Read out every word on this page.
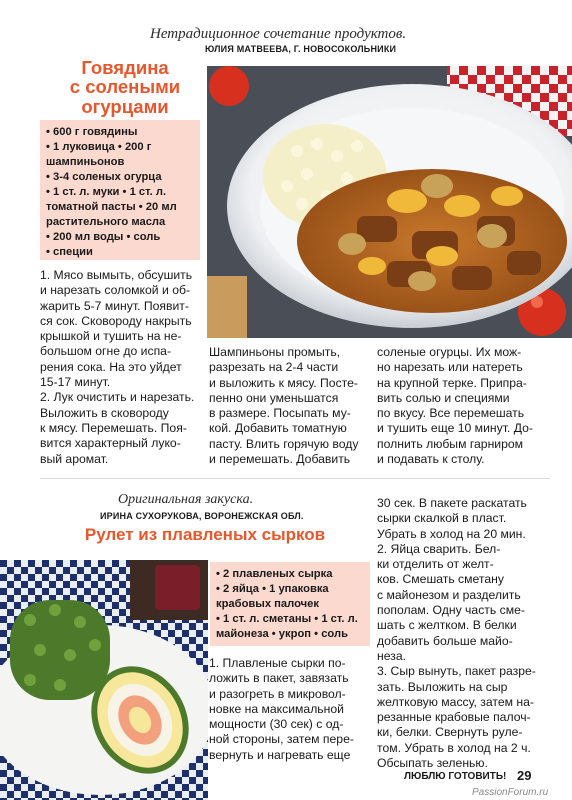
Нетрадиционное сочетание продуктов.
ЮЛИЯ МАТВЕЕВА, Г. НОВОСОКОЛЬНИКИ
Говядина
с солеными
огурцами
• 600 г говядины
• 1 луковица • 200 г
шампиньонов
• 3-4 соленых огурца
• 1 ст. л. муки • 1 ст. л.
томатной пасты • 20 мл
растительного масла
• 200 мл воды • соль
• специи
1. Мясо вымыть, обсушить
и нарезать соломкой и об-
жарить 5-7 минут. Появит-
ся сок. Сковороду накрыть
крышкой и тушить на не-
большом огне до испа-
рения сока. На это уйдет
15-17 минут.
2. Лук очистить и нарезать.
Выложить в сковороду
к мясу. Перемешать. Поя-
вится характерный луко-
вый аромат.
Шампиньоны промыть,
разрезать на 2-4 части
и выложить к мясу. Посте-
пенно они уменьшатся
в размере. Посыпать му-
кой. Добавить томатную
пасту. Влить горячую воду
и перемешать. Добавить
соленые огурцы. Их мож-
но нарезать или натереть
на крупной терке. Припра-
вить солью и специями
по вкусу. Все перемешать
и тушить еще 10 минут. До-
полнить любым гарниром
и подавать к столу.
Оригинальная закуска.
ИРИНА СУХОРУКОВА, ВОРОНЕЖСКАЯ ОБЛ.
Рулет из плавленых сырков
• 2 плавленых сырка
• 2 яйца • 1 упаковка
крабовых палочек
• 1 ст. л. сметаны • 1 ст. л.
майонеза • укроп • соль
1. Плавленые сырки по-
ложить в пакет, завязать
и разогреть в микровол-
новке на максимальной
мощности (30 сек) с од-
ной стороны, затем пере-
вернуть и нагревать еще
30 сек. В пакете раскатать
сырки скалкой в пласт.
Убрать в холод на 20 мин.
2. Яйца сварить. Бел-
ки отделить от желт-
ков. Смешать сметану
с майонезом и разделить
пополам. Одну часть сме-
шать с желтком. В белки
добавить больше майо-
неза.
3. Сыр вынуть, пакет разре-
зать. Выложить на сыр
желтковую массу, затем на-
резанные крабовые палоч-
ки, белки. Свернуть руле-
том. Убрать в холод на 2 ч.
Обсыпать зеленью.
ЛЮБЛЮ ГОТОВИТЬ! 29
PassionForum.ru
